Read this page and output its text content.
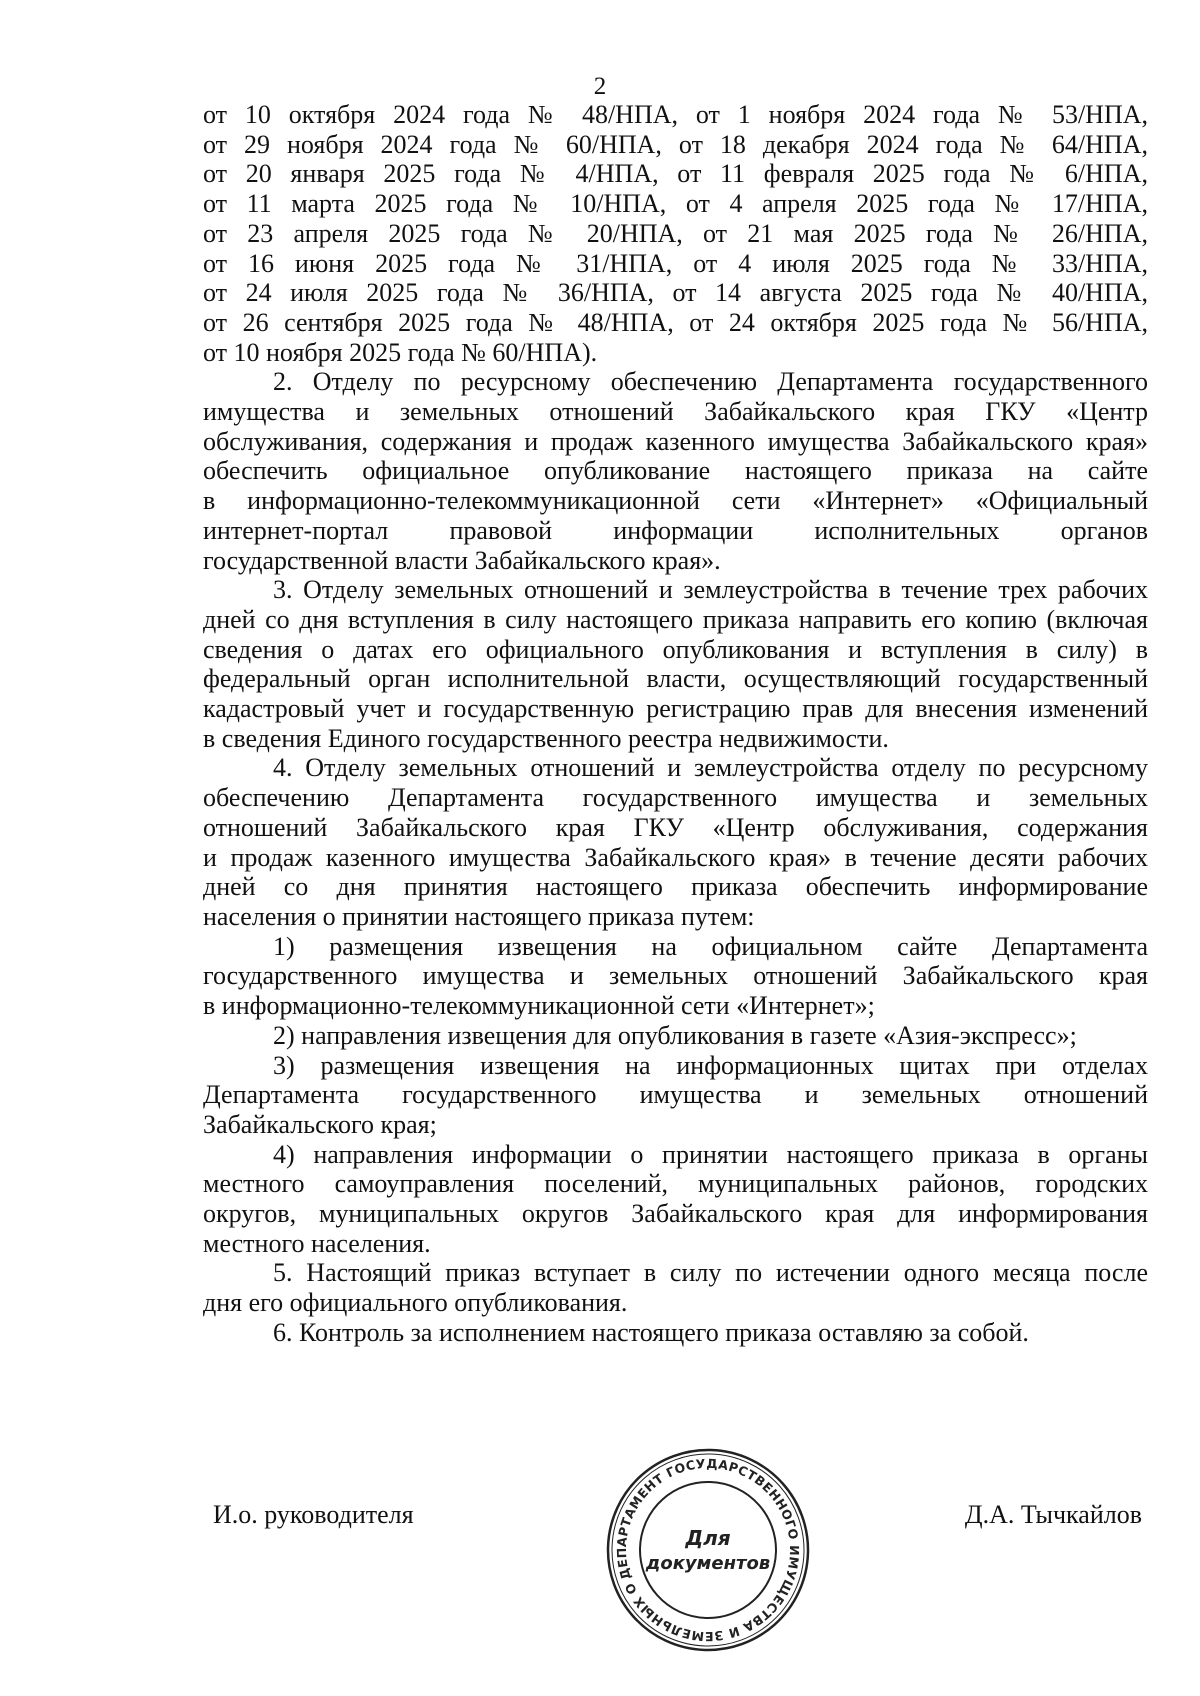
2

от 10 октября 2024 года № 48/НПА, от 1 ноября 2024 года № 53/НПА,
от 29 ноября 2024 года № 60/НПА, от 18 декабря 2024 года № 64/НПА,
от 20 января 2025 года № 4/НПА, от 11 февраля 2025 года № 6/НПА,
от 11 марта 2025 года № 10/НПА, от 4 апреля 2025 года № 17/НПА,
от 23 апреля 2025 года № 20/НПА, от 21 мая 2025 года № 26/НПА,
от 16 июня 2025 года № 31/НПА, от 4 июля 2025 года № 33/НПА,
от 24 июля 2025 года № 36/НПА, от 14 августа 2025 года № 40/НПА,
от 26 сентября 2025 года № 48/НПА, от 24 октября 2025 года № 56/НПА,
от 10 ноября 2025 года № 60/НПА).

2. Отделу по ресурсному обеспечению Департамента государственного
имущества и земельных отношений Забайкальского края ГКУ «Центр
обслуживания, содержания и продаж казенного имущества Забайкальского края»
обеспечить официальное опубликование настоящего приказа на сайте
в информационно-телекоммуникационной сети «Интернет» «Официальный
интернет-портал правовой информации исполнительных органов
государственной власти Забайкальского края».

3. Отделу земельных отношений и землеустройства в течение трех рабочих
дней со дня вступления в силу настоящего приказа направить его копию (включая
сведения о датах его официального опубликования и вступления в силу) в
федеральный орган исполнительной власти, осуществляющий государственный
кадастровый учет и государственную регистрацию прав для внесения изменений
в сведения Единого государственного реестра недвижимости.

4. Отделу земельных отношений и землеустройства отделу по ресурсному
обеспечению Департамента государственного имущества и земельных
отношений Забайкальского края ГКУ «Центр обслуживания, содержания
и продаж казенного имущества Забайкальского края» в течение десяти рабочих
дней со дня принятия настоящего приказа обеспечить информирование
населения о принятии настоящего приказа путем:

1) размещения извещения на официальном сайте Департамента
государственного имущества и земельных отношений Забайкальского края
в информационно-телекоммуникационной сети «Интернет»;

2) направления извещения для опубликования в газете «Азия-экспресс»;

3) размещения извещения на информационных щитах при отделах
Департамента государственного имущества и земельных отношений
Забайкальского края;

4) направления информации о принятии настоящего приказа в органы
местного самоуправления поселений, муниципальных районов, городских
округов, муниципальных округов Забайкальского края для информирования
местного населения.

5. Настоящий приказ вступает в силу по истечении одного месяца после
дня его официального опубликования.

6. Контроль за исполнением настоящего приказа оставляю за собой.

И.о. руководителя
ДЕПАРТАМЕНТ ГОСУДАРСТВЕННОГО ИМУЩЕСТВА И ЗЕМЕЛЬНЫХ ОТНОШЕНИЙ
Для
документов
Д.А. Тычкайлов
